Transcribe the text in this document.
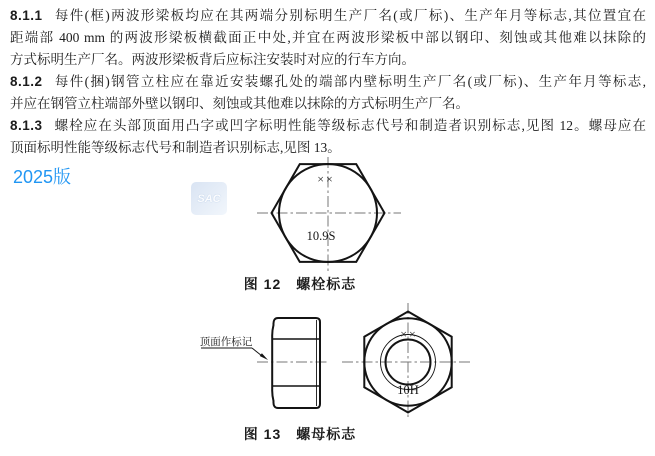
8.1.1 每件(框)两波形梁板均应在其两端分别标明生产厂名(或厂标)、生产年月等标志,其位置宜在
距端部 400 mm 的两波形梁板横截面正中处,并宜在两波形梁板中部以钢印、刻蚀或其他难以抹除的
方式标明生产厂名。两波形梁板背后应标注安装时对应的行车方向。
8.1.2 每件(捆)钢管立柱应在靠近安装螺孔处的端部内壁标明生产厂名(或厂标)、生产年月等标志,
并应在钢管立柱端部外壁以钢印、刻蚀或其他难以抹除的方式标明生产厂名。
8.1.3 螺栓应在头部顶面用凸字或凹字标明性能等级标志代号和制造者识别标志,见图 12。螺母应在
顶面标明性能等级标志代号和制造者识别标志,见图 13。
2025版
SAC
××
10.9S
图 12　螺栓标志
顶面作标记
××
10H
图 13　螺母标志
